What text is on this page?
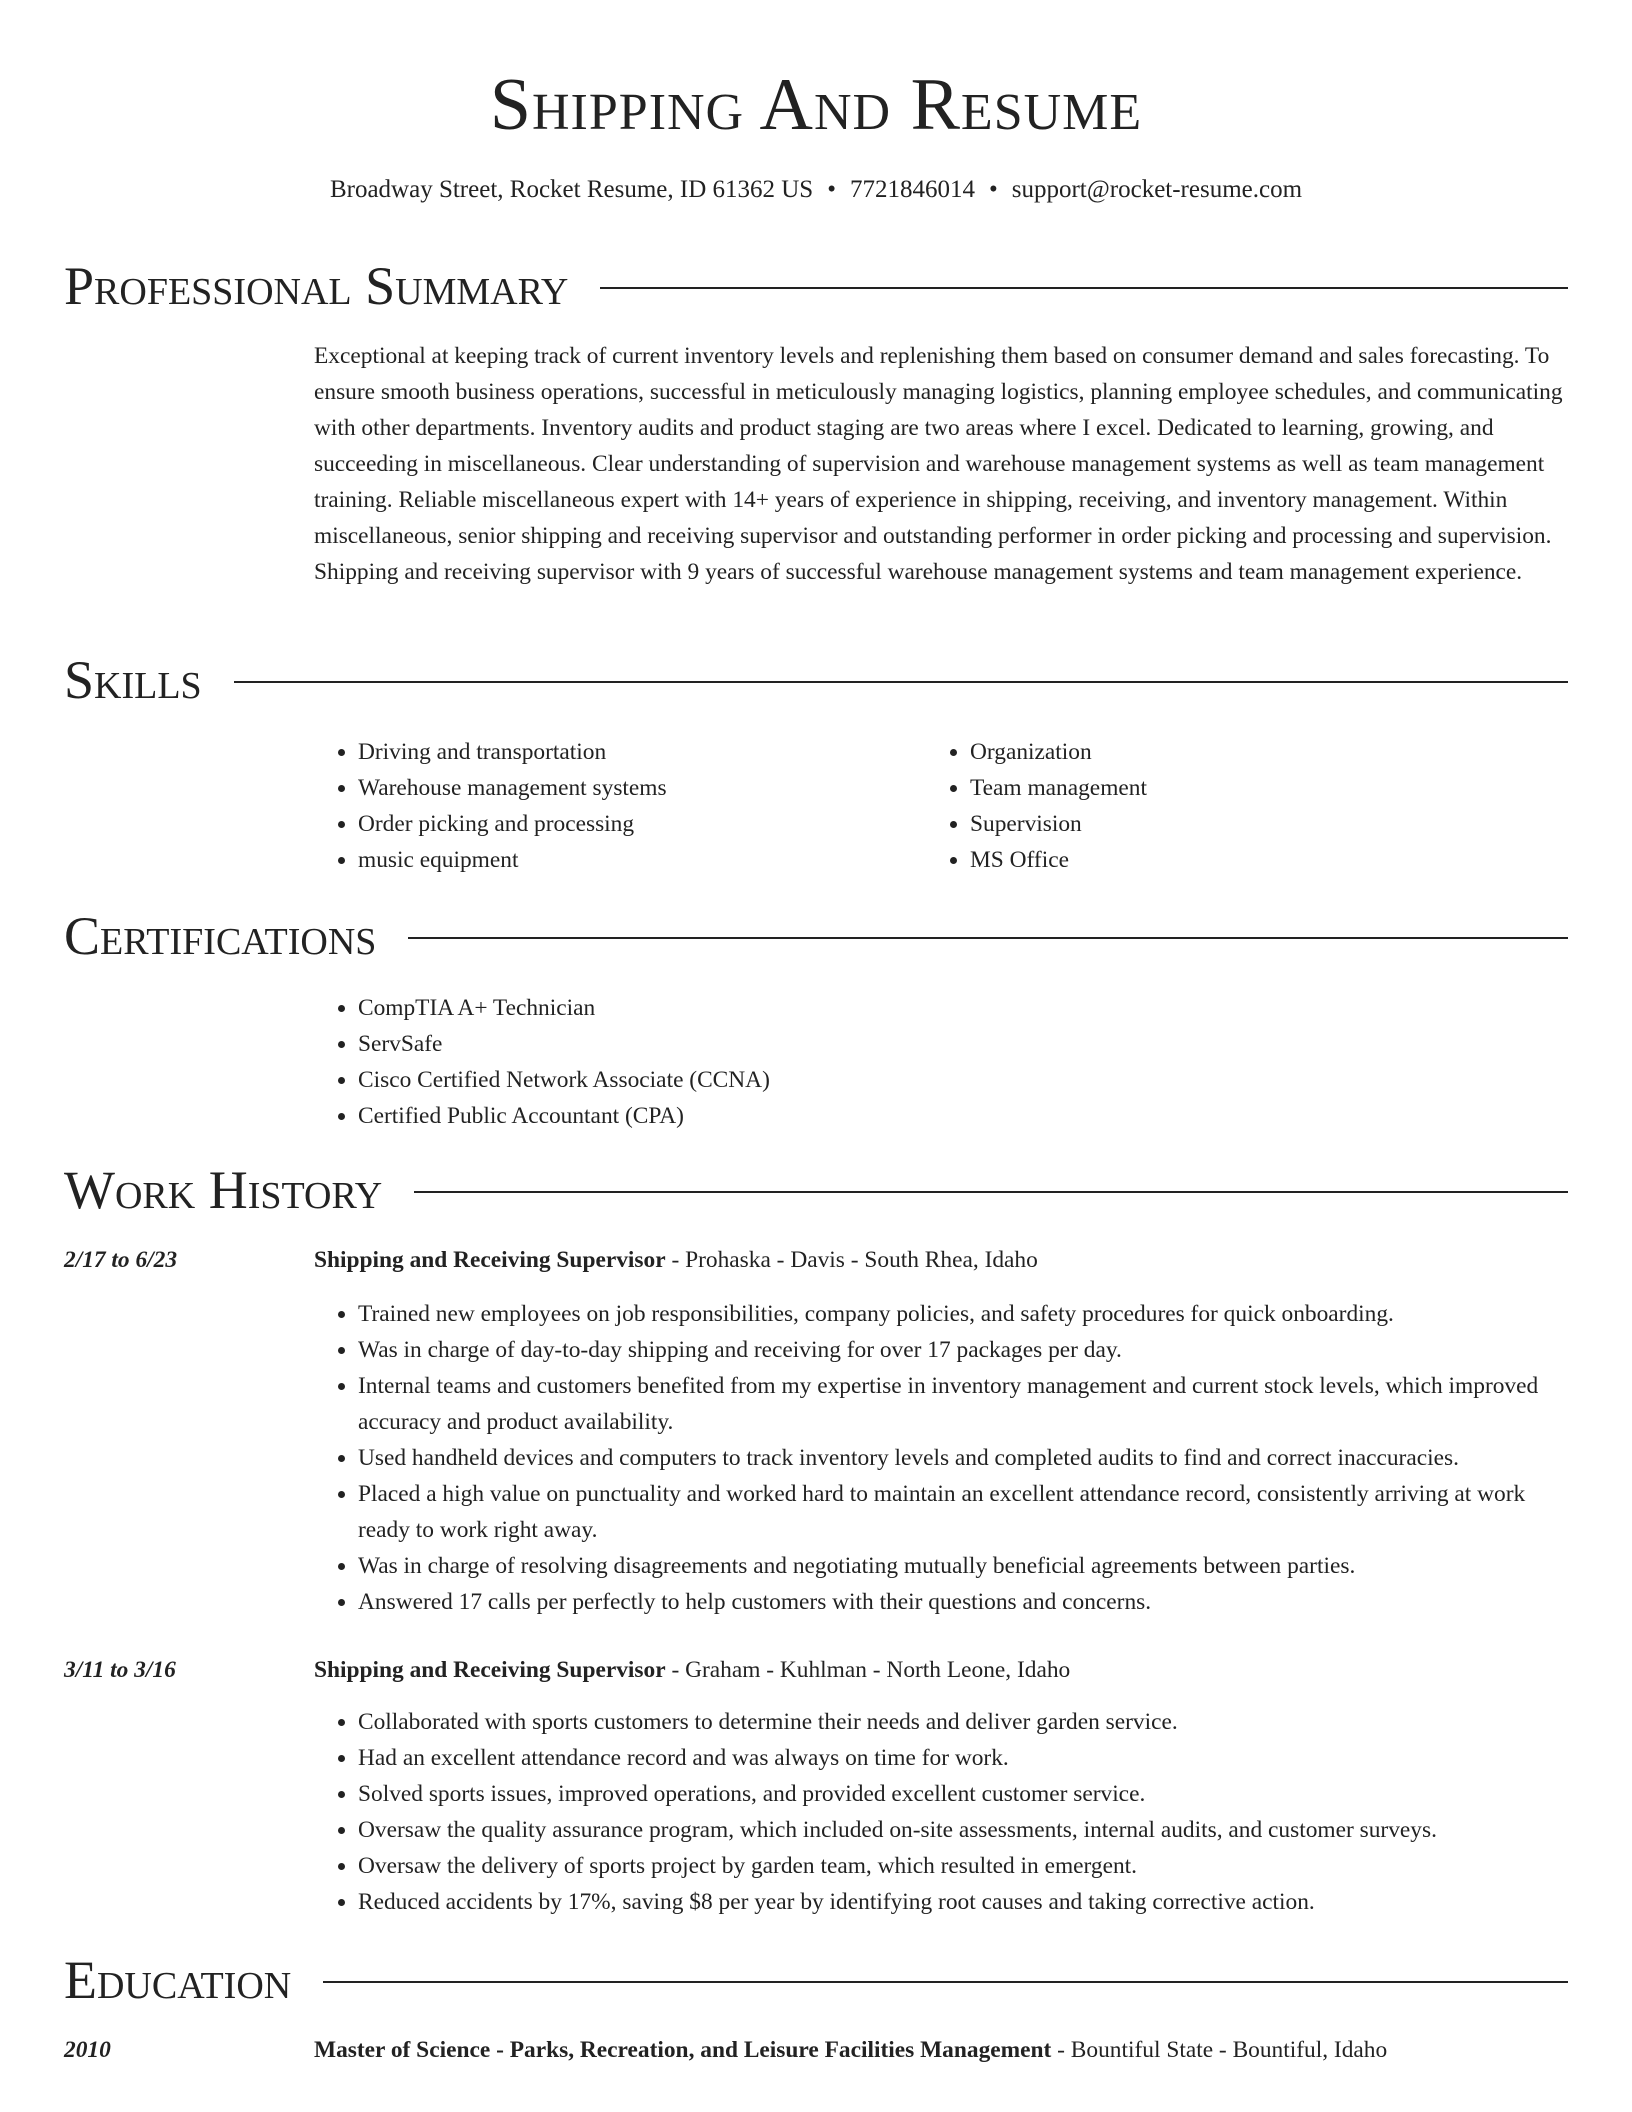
Shipping And Resume
Broadway Street, Rocket Resume, ID 61362 US • 7721846014 • support@rocket-resume.com
Professional Summary
Exceptional at keeping track of current inventory levels and replenishing them based on consumer demand and sales forecasting. To ensure smooth business operations, successful in meticulously managing logistics, planning employee schedules, and communicating with other departments. Inventory audits and product staging are two areas where I excel. Dedicated to learning, growing, and succeeding in miscellaneous. Clear understanding of supervision and warehouse management systems as well as team management training. Reliable miscellaneous expert with 14+ years of experience in shipping, receiving, and inventory management. Within miscellaneous, senior shipping and receiving supervisor and outstanding performer in order picking and processing and supervision. Shipping and receiving supervisor with 9 years of successful warehouse management systems and team management experience.
Skills
• Driving and transportation
• Warehouse management systems
• Order picking and processing
• music equipment
• Organization
• Team management
• Supervision
• MS Office
Certifications
• CompTIA A+ Technician
• ServSafe
• Cisco Certified Network Associate (CCNA)
• Certified Public Accountant (CPA)
Work History
2/17 to 6/23	Shipping and Receiving Supervisor - Prohaska - Davis - South Rhea, Idaho
• Trained new employees on job responsibilities, company policies, and safety procedures for quick onboarding.
• Was in charge of day-to-day shipping and receiving for over 17 packages per day.
• Internal teams and customers benefited from my expertise in inventory management and current stock levels, which improved accuracy and product availability.
• Used handheld devices and computers to track inventory levels and completed audits to find and correct inaccuracies.
• Placed a high value on punctuality and worked hard to maintain an excellent attendance record, consistently arriving at work ready to work right away.
• Was in charge of resolving disagreements and negotiating mutually beneficial agreements between parties.
• Answered 17 calls per perfectly to help customers with their questions and concerns.
3/11 to 3/16	Shipping and Receiving Supervisor - Graham - Kuhlman - North Leone, Idaho
• Collaborated with sports customers to determine their needs and deliver garden service.
• Had an excellent attendance record and was always on time for work.
• Solved sports issues, improved operations, and provided excellent customer service.
• Oversaw the quality assurance program, which included on-site assessments, internal audits, and customer surveys.
• Oversaw the delivery of sports project by garden team, which resulted in emergent.
• Reduced accidents by 17%, saving $8 per year by identifying root causes and taking corrective action.
Education
2010	Master of Science - Parks, Recreation, and Leisure Facilities Management - Bountiful State - Bountiful, Idaho
